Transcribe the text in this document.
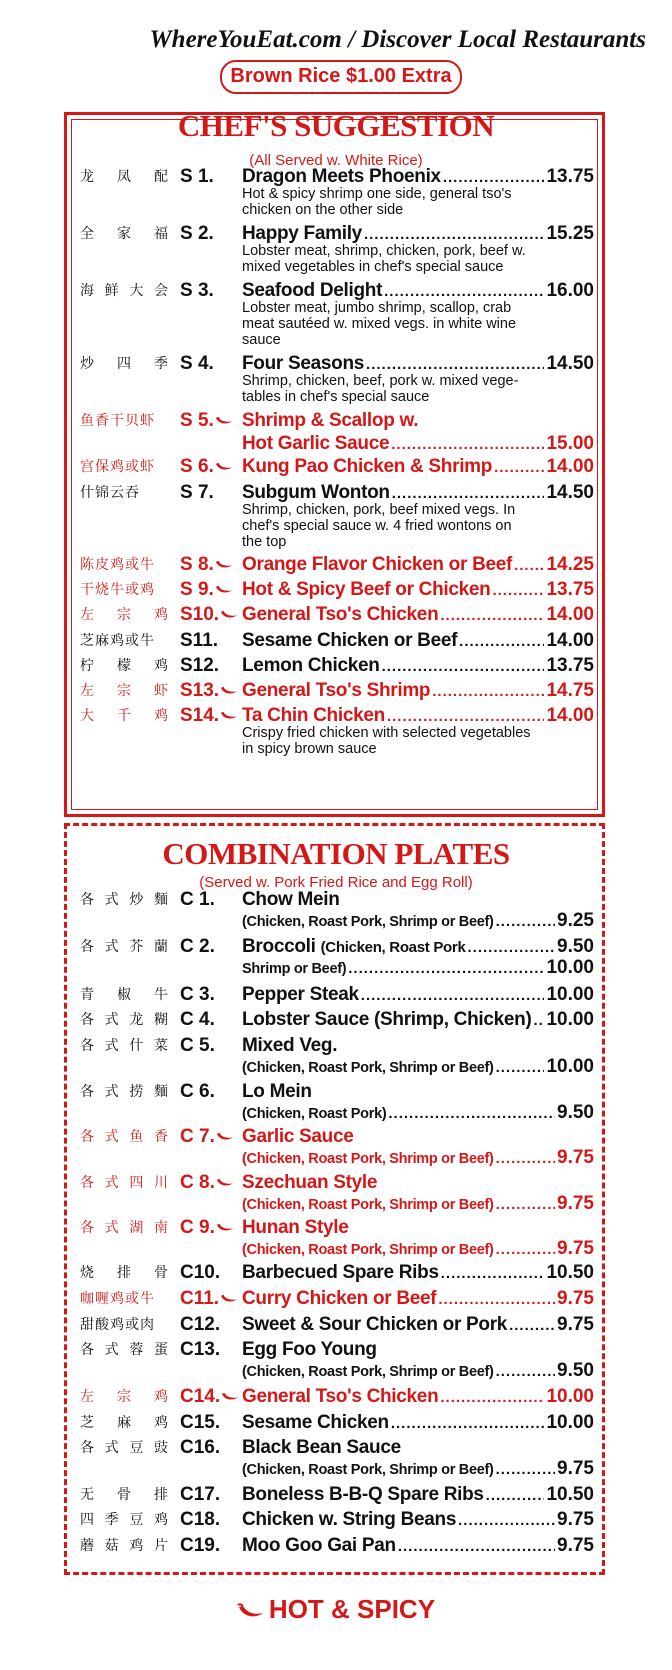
WhereYouEat.com / Discover Local Restaurants
Brown Rice $1.00 Extra
CHEF'S SUGGESTION
(All Served w. White Rice)
COMBINATION PLATES
(Served w. Pork Fried Rice and Egg Roll)
龙 凤 配 S 1. Dragon Meets Phoenix .....	13.75
Hot & spicy shrimp one side, general tso's
chicken on the other side
全 家 福 S 2. Happy Family .....	15.25
Lobster meat, shrimp, chicken, pork, beef w.
mixed vegetables in chef's special sauce
海 鲜 大 会 S 3. Seafood Delight .....	16.00
Lobster meat, jumbo shrimp, scallop, crab
meat sautéed w. mixed vegs. in white wine
sauce
炒 四 季 S 4. Four Seasons .....	14.50
Shrimp, chicken, beef, pork w. mixed vege-
tables in chef's special sauce
鱼香干贝虾 S 5.	Shrimp & Scallop w.
Hot Garlic Sauce .....	15.00
宫保鸡或虾 S 6.	Kung Pao Chicken & Shrimp .....	14.00
什锦云吞 S 7. Subgum Wonton .....	14.50
Shrimp, chicken, pork, beef mixed vegs. In
chef's special sauce w. 4 fried wontons on
the top
陈皮鸡或牛 S 8.	Orange Flavor Chicken or Beef ..... 14.25
干烧牛或鸡 S 9.	Hot & Spicy Beef or Chicken .....	13.75
左 宗 鸡 S10.	General Tso's Chicken .....	14.00
芝麻鸡或牛 S11. Sesame Chicken or Beef .....	14.00
柠 檬 鸡 S12. Lemon Chicken .....	13.75
左 宗 虾 S13.	General Tso's Shrimp .....	14.75
大 千 鸡 S14.	Ta Chin Chicken .....	14.00
Crispy fried chicken with selected vegetables
in spicy brown sauce
各 式 炒 麵 C 1. Chow Mein
(Chicken, Roast Pork, Shrimp or Beef) .....	9.25
各 式 芥 蘭 C 2. Broccoli (Chicken, Roast Pork .....	9.50
Shrimp or Beef) .....	10.00
青 椒 牛 C 3. Pepper Steak .....	10.00
各 式 龙 糊 C 4. Lobster Sauce (Shrimp, Chicken) ..... 10.00
各 式 什 菜 C 5. Mixed Veg.
(Chicken, Roast Pork, Shrimp or Beef) .....	10.00
各 式 捞 麵 C 6. Lo Mein
(Chicken, Roast Pork) .....	9.50
各 式 鱼 香 C 7.	Garlic Sauce
(Chicken, Roast Pork, Shrimp or Beef) .....	9.75
各 式 四 川 C 8.	Szechuan Style
(Chicken, Roast Pork, Shrimp or Beef) .....	9.75
各 式 湖 南 C 9.	Hunan Style
(Chicken, Roast Pork, Shrimp or Beef) .....	9.75
烧 排 骨 C10. Barbecued Spare Ribs .....	10.50
咖喱鸡或牛 C11.	Curry Chicken or Beef .....	9.75
甜酸鸡或肉 C12. Sweet & Sour Chicken or Pork .....	9.75
各 式 蓉 蛋 C13. Egg Foo Young
(Chicken, Roast Pork, Shrimp or Beef) .....	9.50
左 宗 鸡 C14.	General Tso's Chicken .....	10.00
芝 麻 鸡 C15. Sesame Chicken .....	10.00
各 式 豆 豉 C16. Black Bean Sauce
(Chicken, Roast Pork, Shrimp or Beef) .....	9.75
无 骨 排 C17. Boneless B-B-Q Spare Ribs .....	10.50
四 季 豆 鸡 C18. Chicken w. String Beans .....	9.75
蘑 菇 鸡 片 C19. Moo Goo Gai Pan .....	9.75
HOT & SPICY
